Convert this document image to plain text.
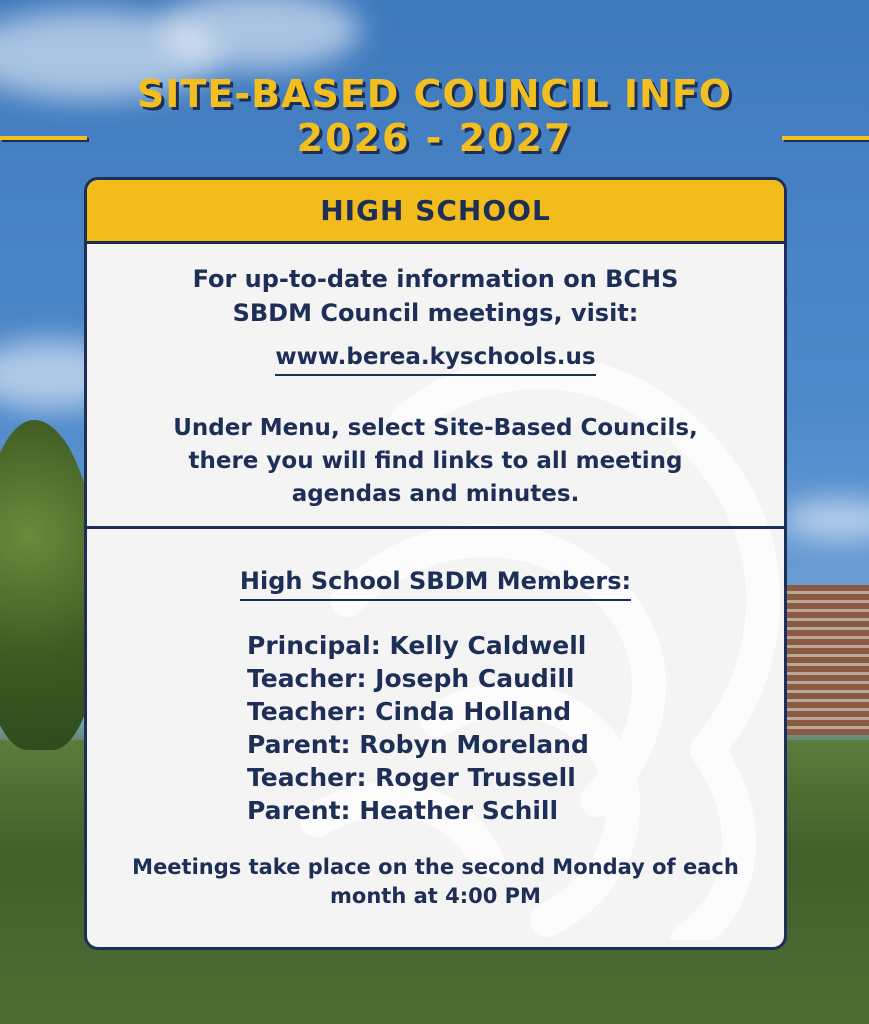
SITE-BASED COUNCIL INFO
2026 - 2027
HIGH SCHOOL
For up-to-date information on BCHS
SBDM Council meetings, visit:
www.berea.kyschools.us
Under Menu, select Site-Based Councils,
there you will find links to all meeting
agendas and minutes.
High School SBDM Members:
Principal: Kelly Caldwell
Teacher: Joseph Caudill
Teacher: Cinda Holland
Parent: Robyn Moreland
Teacher: Roger Trussell
Parent: Heather Schill
Meetings take place on the second Monday of each
month at 4:00 PM
